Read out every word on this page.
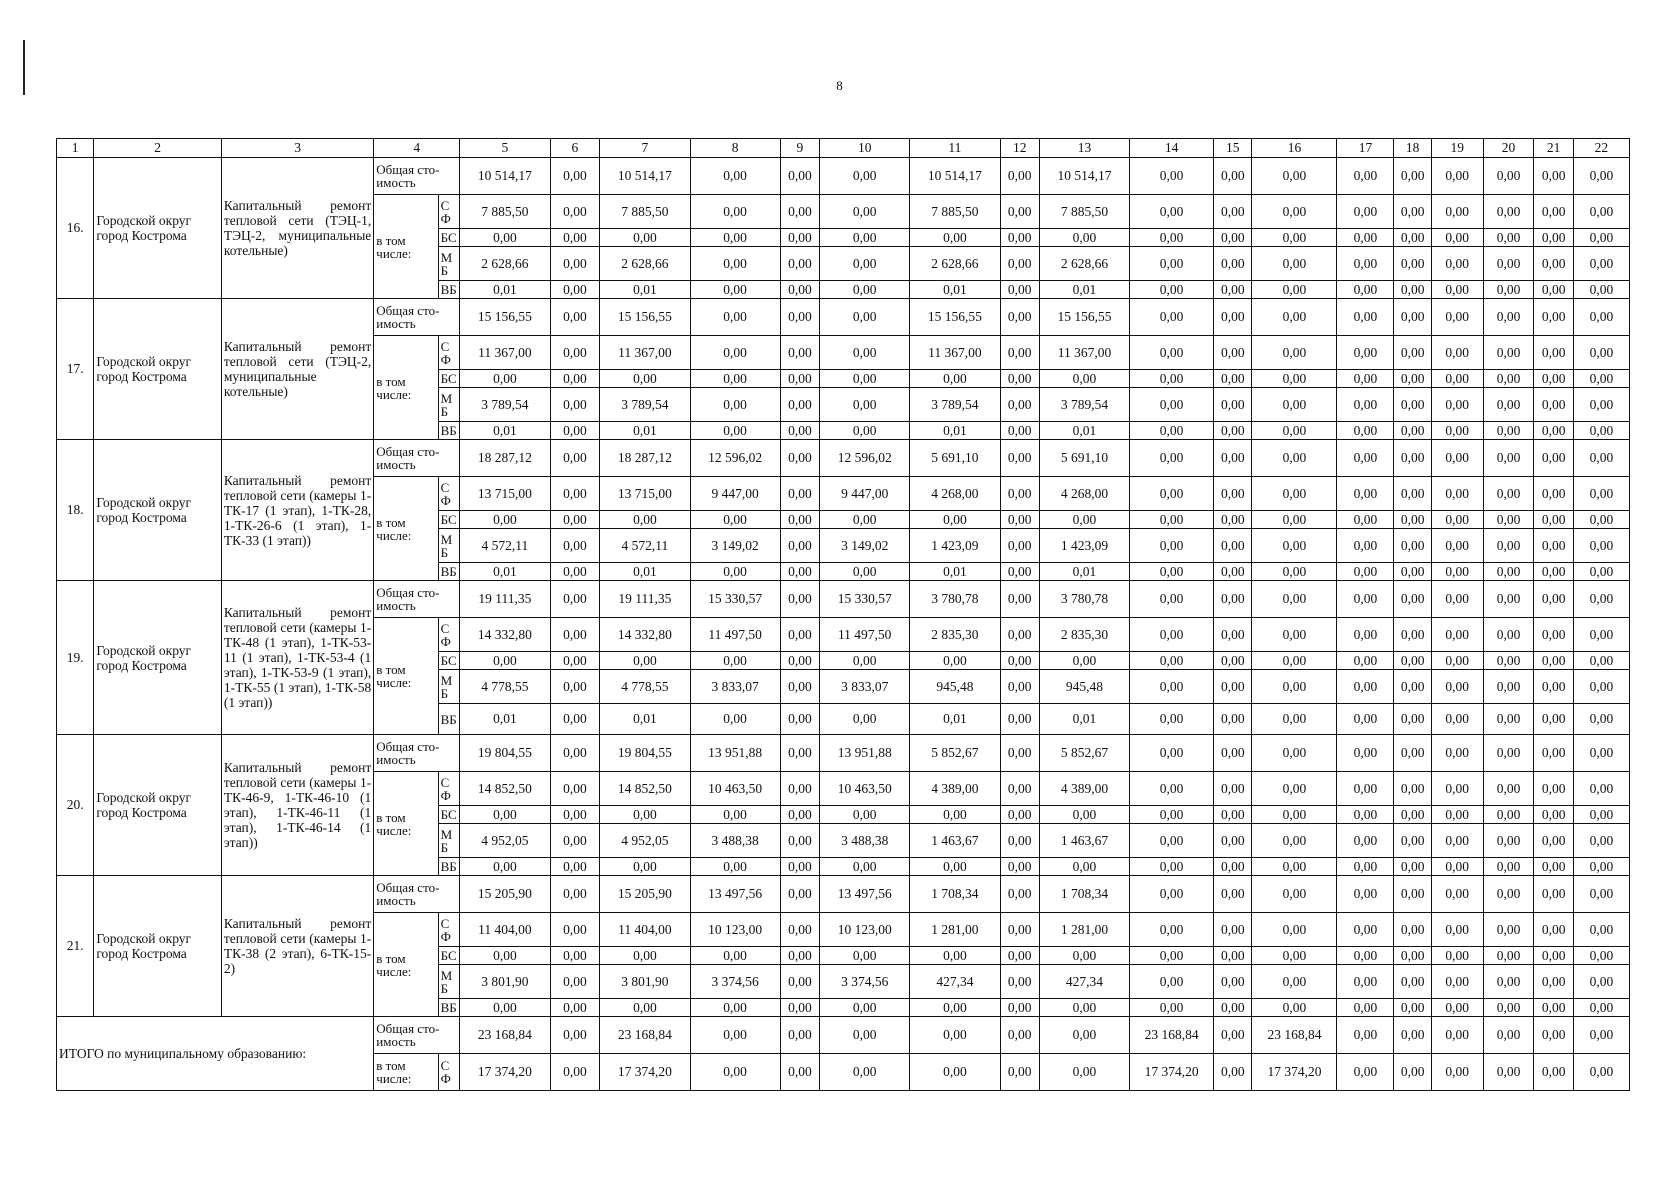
8
1	2	3	4		5	6	7	8	9	10	11	12	13	14	15	16	17	18	19	20	21	22
16.	Городской округ город Кострома	Капитальный ремонт тепловой сети (ТЭЦ-1, ТЭЦ-2, муниципальные котельные)	Общая сто-имость		10 514,17	0,00	10 514,17	0,00	0,00	0,00	10 514,17	0,00	10 514,17	0,00	0,00	0,00	0,00	0,00	0,00	0,00	0,00	0,00
			в том числе:	С Ф	7 885,50	0,00	7 885,50	0,00	0,00	0,00	7 885,50	0,00	7 885,50	0,00	0,00	0,00	0,00	0,00	0,00	0,00	0,00	0,00
				БС	0,00	0,00	0,00	0,00	0,00	0,00	0,00	0,00	0,00	0,00	0,00	0,00	0,00	0,00	0,00	0,00	0,00	0,00
				М Б	2 628,66	0,00	2 628,66	0,00	0,00	0,00	2 628,66	0,00	2 628,66	0,00	0,00	0,00	0,00	0,00	0,00	0,00	0,00	0,00
				ВБ	0,01	0,00	0,01	0,00	0,00	0,00	0,01	0,00	0,01	0,00	0,00	0,00	0,00	0,00	0,00	0,00	0,00	0,00
17.	Городской округ город Кострома	Капитальный ремонт тепловой сети (ТЭЦ-2, муниципальные котельные)	Общая сто-имость		15 156,55	0,00	15 156,55	0,00	0,00	0,00	15 156,55	0,00	15 156,55	0,00	0,00	0,00	0,00	0,00	0,00	0,00	0,00	0,00
			в том числе:	С Ф	11 367,00	0,00	11 367,00	0,00	0,00	0,00	11 367,00	0,00	11 367,00	0,00	0,00	0,00	0,00	0,00	0,00	0,00	0,00	0,00
				БС	0,00	0,00	0,00	0,00	0,00	0,00	0,00	0,00	0,00	0,00	0,00	0,00	0,00	0,00	0,00	0,00	0,00	0,00
				М Б	3 789,54	0,00	3 789,54	0,00	0,00	0,00	3 789,54	0,00	3 789,54	0,00	0,00	0,00	0,00	0,00	0,00	0,00	0,00	0,00
				ВБ	0,01	0,00	0,01	0,00	0,00	0,00	0,01	0,00	0,01	0,00	0,00	0,00	0,00	0,00	0,00	0,00	0,00	0,00
18.	Городской округ город Кострома	Капитальный ремонт тепловой сети (камеры 1-ТК-17 (1 этап), 1-ТК-28, 1-ТК-26-6 (1 этап), 1-ТК-33 (1 этап))	Общая сто-имость		18 287,12	0,00	18 287,12	12 596,02	0,00	12 596,02	5 691,10	0,00	5 691,10	0,00	0,00	0,00	0,00	0,00	0,00	0,00	0,00	0,00
			в том числе:	С Ф	13 715,00	0,00	13 715,00	9 447,00	0,00	9 447,00	4 268,00	0,00	4 268,00	0,00	0,00	0,00	0,00	0,00	0,00	0,00	0,00	0,00
				БС	0,00	0,00	0,00	0,00	0,00	0,00	0,00	0,00	0,00	0,00	0,00	0,00	0,00	0,00	0,00	0,00	0,00	0,00
				М Б	4 572,11	0,00	4 572,11	3 149,02	0,00	3 149,02	1 423,09	0,00	1 423,09	0,00	0,00	0,00	0,00	0,00	0,00	0,00	0,00	0,00
				ВБ	0,01	0,00	0,01	0,00	0,00	0,00	0,01	0,00	0,01	0,00	0,00	0,00	0,00	0,00	0,00	0,00	0,00	0,00
19.	Городской округ город Кострома	Капитальный ремонт тепловой сети (камеры 1-ТК-48 (1 этап), 1-ТК-53-11 (1 этап), 1-ТК-53-4 (1 этап), 1-ТК-53-9 (1 этап), 1-ТК-55 (1 этап), 1-ТК-58 (1 этап))	Общая сто-имость		19 111,35	0,00	19 111,35	15 330,57	0,00	15 330,57	3 780,78	0,00	3 780,78	0,00	0,00	0,00	0,00	0,00	0,00	0,00	0,00	0,00
			в том числе:	С Ф	14 332,80	0,00	14 332,80	11 497,50	0,00	11 497,50	2 835,30	0,00	2 835,30	0,00	0,00	0,00	0,00	0,00	0,00	0,00	0,00	0,00
				БС	0,00	0,00	0,00	0,00	0,00	0,00	0,00	0,00	0,00	0,00	0,00	0,00	0,00	0,00	0,00	0,00	0,00	0,00
				М Б	4 778,55	0,00	4 778,55	3 833,07	0,00	3 833,07	945,48	0,00	945,48	0,00	0,00	0,00	0,00	0,00	0,00	0,00	0,00	0,00
				ВБ	0,01	0,00	0,01	0,00	0,00	0,00	0,01	0,00	0,01	0,00	0,00	0,00	0,00	0,00	0,00	0,00	0,00	0,00
20.	Городской округ город Кострома	Капитальный ремонт тепловой сети (камеры 1-ТК-46-9, 1-ТК-46-10 (1 этап), 1-ТК-46-11 (1 этап), 1-ТК-46-14 (1 этап))	Общая сто-имость		19 804,55	0,00	19 804,55	13 951,88	0,00	13 951,88	5 852,67	0,00	5 852,67	0,00	0,00	0,00	0,00	0,00	0,00	0,00	0,00	0,00
			в том числе:	С Ф	14 852,50	0,00	14 852,50	10 463,50	0,00	10 463,50	4 389,00	0,00	4 389,00	0,00	0,00	0,00	0,00	0,00	0,00	0,00	0,00	0,00
				БС	0,00	0,00	0,00	0,00	0,00	0,00	0,00	0,00	0,00	0,00	0,00	0,00	0,00	0,00	0,00	0,00	0,00	0,00
				М Б	4 952,05	0,00	4 952,05	3 488,38	0,00	3 488,38	1 463,67	0,00	1 463,67	0,00	0,00	0,00	0,00	0,00	0,00	0,00	0,00	0,00
				ВБ	0,00	0,00	0,00	0,00	0,00	0,00	0,00	0,00	0,00	0,00	0,00	0,00	0,00	0,00	0,00	0,00	0,00	0,00
21.	Городской округ город Кострома	Капитальный ремонт тепловой сети (камеры 1-ТК-38 (2 этап), 6-ТК-15-2)	Общая сто-имость		15 205,90	0,00	15 205,90	13 497,56	0,00	13 497,56	1 708,34	0,00	1 708,34	0,00	0,00	0,00	0,00	0,00	0,00	0,00	0,00	0,00
			в том числе:	С Ф	11 404,00	0,00	11 404,00	10 123,00	0,00	10 123,00	1 281,00	0,00	1 281,00	0,00	0,00	0,00	0,00	0,00	0,00	0,00	0,00	0,00
				БС	0,00	0,00	0,00	0,00	0,00	0,00	0,00	0,00	0,00	0,00	0,00	0,00	0,00	0,00	0,00	0,00	0,00	0,00
				М Б	3 801,90	0,00	3 801,90	3 374,56	0,00	3 374,56	427,34	0,00	427,34	0,00	0,00	0,00	0,00	0,00	0,00	0,00	0,00	0,00
				ВБ	0,00	0,00	0,00	0,00	0,00	0,00	0,00	0,00	0,00	0,00	0,00	0,00	0,00	0,00	0,00	0,00	0,00	0,00
ИТОГО по муниципальному образованию:			Общая сто-имость		23 168,84	0,00	23 168,84	0,00	0,00	0,00	0,00	0,00	0,00	23 168,84	0,00	23 168,84	0,00	0,00	0,00	0,00	0,00	0,00
			в том числе:	С Ф	17 374,20	0,00	17 374,20	0,00	0,00	0,00	0,00	0,00	0,00	17 374,20	0,00	17 374,20	0,00	0,00	0,00	0,00	0,00	0,00
